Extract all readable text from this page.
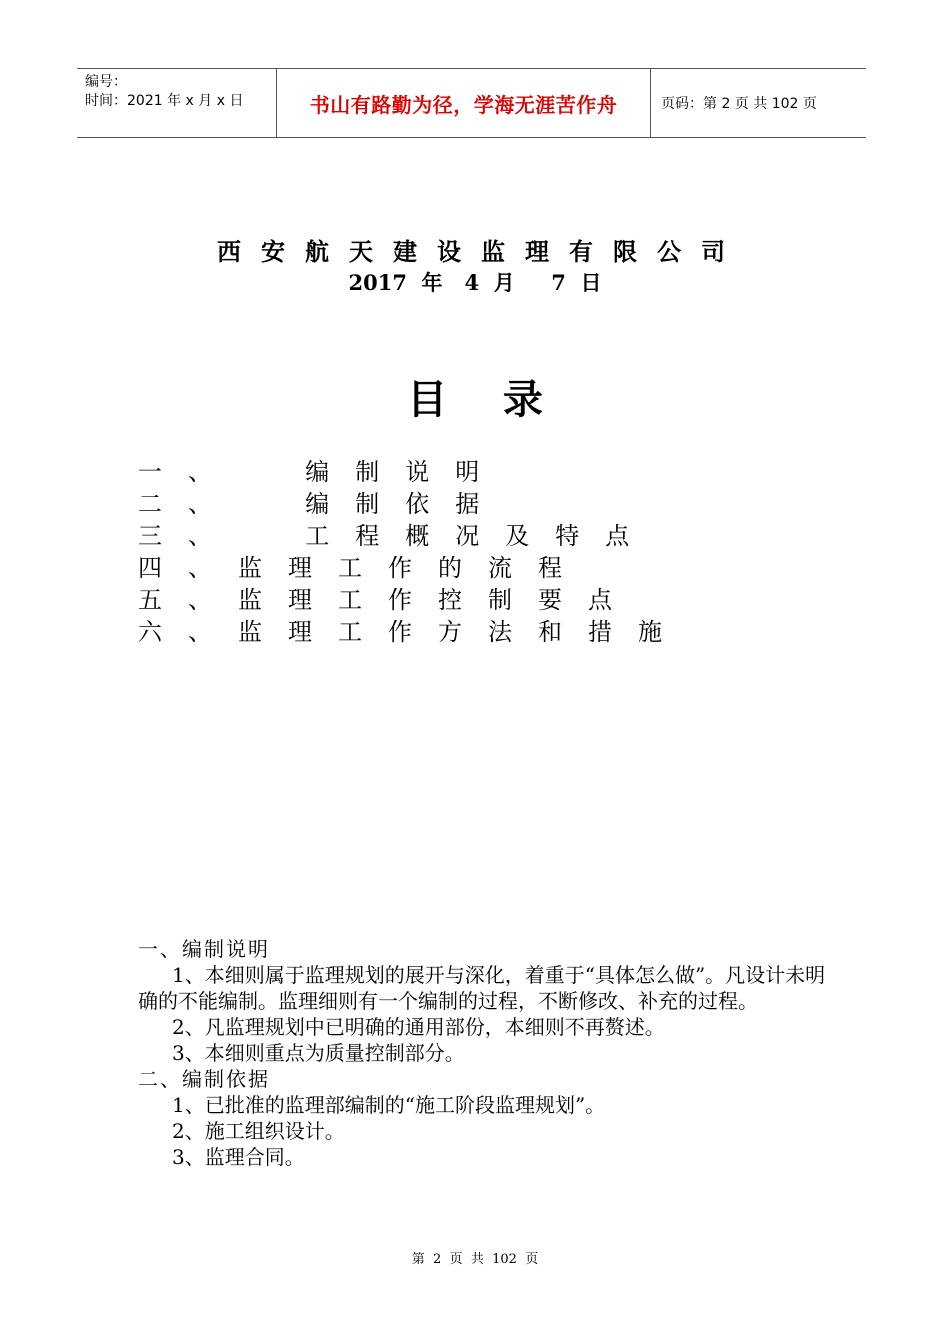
编号：
时间：2021 年 x 月 x 日	书山有路勤为径，学海无涯苦作舟	页码：第 2 页 共 102 页
西安航天建设监理有限公司
2017  年   4  月     7  日
目    录
一、  编制说明
二、  编制依据
三、  工程概况及特点
四、监理工作的流程
五、监理工作控制要点
六、监理工作方法和措施

一、编制说明

1、本细则属于监理规划的展开与深化，着重于“具体怎么做”。凡设计未明确的不能编制。监理细则有一个编制的过程，不断修改、补充的过程。

2、凡监理规划中已明确的通用部份，本细则不再赘述。

3、本细则重点为质量控制部分。

二、编制依据

1、已批准的监理部编制的“施工阶段监理规划”。

2、施工组织设计。

3、监理合同。

第  2  页  共  102  页
